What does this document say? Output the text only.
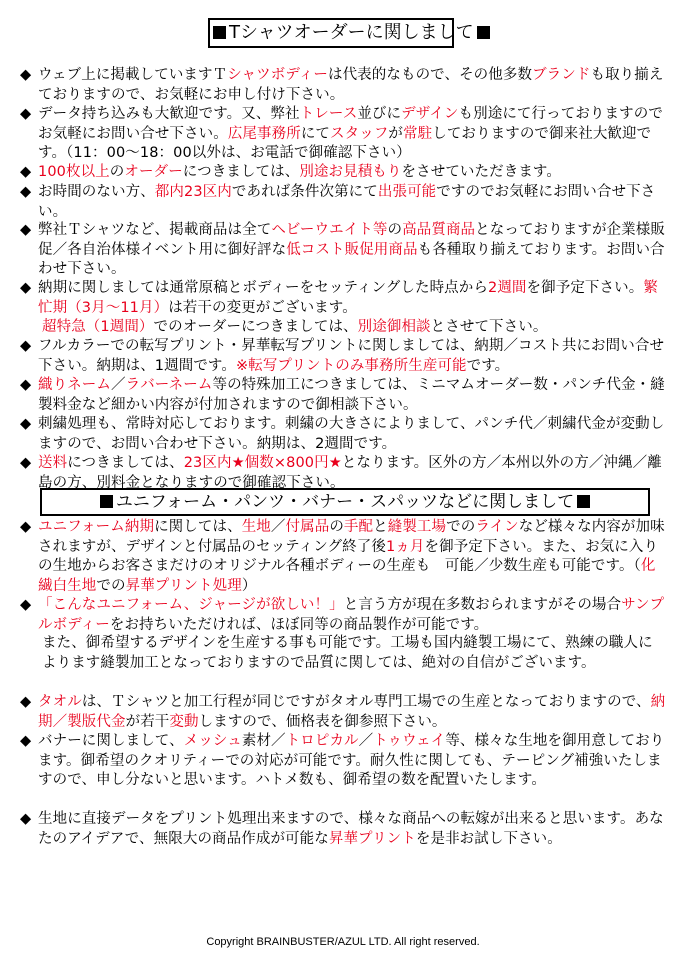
Tシャツオーダーに関しまして
◆ ウェブ上に掲載していますＴシャツボディーは代表的なもので、その他多数ブランドも取り揃えておりますので、お気軽にお申し付け下さい。
◆ データ持ち込みも大歓迎です。又、弊社トレース並びにデザインも別途にて行っておりますのでお気軽にお問い合せ下さい。広尾事務所にてスタッフが常駐しておりますので御来社大歓迎です。（11：00～18：00以外は、お電話で御確認下さい）
◆ 100枚以上のオーダーにつきましては、別途お見積もりをさせていただきます。
◆ お時間のない方、都内23区内であれば条件次第にて出張可能ですのでお気軽にお問い合せ下さい。
◆ 弊社Ｔシャツなど、掲載商品は全てヘビーウエイト等の高品質商品となっておりますが企業様販促／各自治体様イベント用に御好評な低コスト販促用商品も各種取り揃えております。お問い合わせ下さい。
◆ 納期に関しましては通常原稿とボディーをセッティングした時点から2週間を御予定下さい。繁忙期（3月～11月）は若干の変更がございます。
超特急（1週間）でのオーダーにつきましては、別途御相談とさせて下さい。
◆ フルカラーでの転写プリント・昇華転写プリントに関しましては、納期／コスト共にお問い合せ下さい。納期は、1週間です。※転写プリントのみ事務所生産可能です。
◆ 織りネーム／ラバーネーム等の特殊加工につきましては、ミニマムオーダー数・パンチ代金・縫製料金など細かい内容が付加されますので御相談下さい。
◆ 刺繍処理も、常時対応しております。刺繍の大きさによりまして、パンチ代／刺繍代金が変動しますので、お問い合わせ下さい。納期は、2週間です。
◆ 送料につきましては、23区内★個数×800円★となります。区外の方／本州以外の方／沖縄／離島の方、別料金となりますので御確認下さい。
ユニフォーム・パンツ・バナー・スパッツなどに関しまして
◆ ユニフォーム納期に関しては、生地／付属品の手配と縫製工場でのラインなど様々な内容が加味されますが、デザインと付属品のセッティング終了後1ヵ月を御予定下さい。また、お気に入りの生地からお客さまだけのオリジナル各種ボディーの生産も　可能／少数生産も可能です。（化繊白生地での昇華プリント処理）
◆ 「こんなユニフォーム、ジャージが欲しい！」と言う方が現在多数おられますがその場合サンプルボディーをお持ちいただければ、ほぼ同等の商品製作が可能です。
また、御希望するデザインを生産する事も可能です。工場も国内縫製工場にて、熟練の職人によります縫製加工となっておりますので品質に関しては、絶対の自信がございます。
◆ タオルは、Ｔシャツと加工行程が同じですがタオル専門工場での生産となっておりますので、納期／製版代金が若干変動しますので、価格表を御参照下さい。
◆ バナーに関しまして、メッシュ素材／トロピカル／トゥウェイ等、様々な生地を御用意しております。御希望のクオリティーでの対応が可能です。耐久性に関しても、テーピング補強いたしますので、申し分ないと思います。ハトメ数も、御希望の数を配置いたします。
◆ 生地に直接データをプリント処理出来ますので、様々な商品への転嫁が出来ると思います。あなたのアイデアで、無限大の商品作成が可能な昇華プリントを是非お試し下さい。
Copyright BRAINBUSTER/AZUL LTD. All right reserved.
